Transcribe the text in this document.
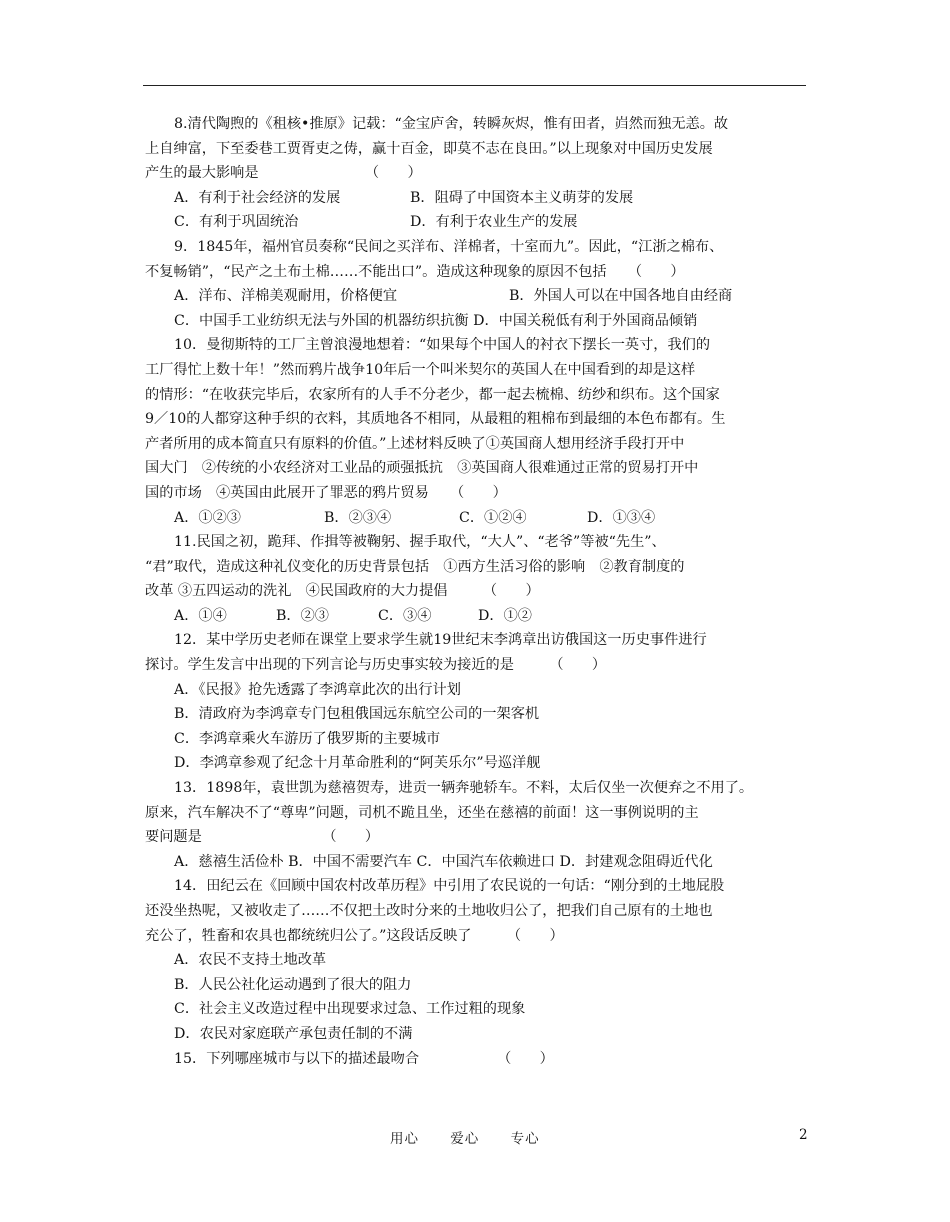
8.清代陶煦的《租核•推原》记载：“金宝庐舍，转瞬灰烬，惟有田者，岿然而独无恙。故

上自绅富，下至委巷工贾胥吏之俦，赢十百金，即莫不志在良田。”以上现象对中国历史发展

产生的最大影响是　　　　　　　　（　　）

A．有利于社会经济的发展	B．阻碍了中国资本主义萌芽的发展

C．有利于巩固统治	D．有利于农业生产的发展

9．1845年，福州官员奏称“民间之买洋布、洋棉者，十室而九”。因此，“江浙之棉布、

不复畅销”，“民产之土布土棉……不能出口”。造成这种现象的原因不包括　　（　　）

A．洋布、洋棉美观耐用，价格便宜	B．外国人可以在中国各地自由经商

C．中国手工业纺织无法与外国的机器纺织抗衡 D．中国关税低有利于外国商品倾销

10．曼彻斯特的工厂主曾浪漫地想着：“如果每个中国人的衬衣下摆长一英寸，我们的

工厂得忙上数十年！”然而鸦片战争10年后一个叫米契尔的英国人在中国看到的却是这样

的情形：“在收获完毕后，农家所有的人手不分老少，都一起去梳棉、纺纱和织布。这个国家

9／10的人都穿这种手织的衣料，其质地各不相同，从最粗的粗棉布到最细的本色布都有。生

产者所用的成本简直只有原料的价值。”上述材料反映了①英国商人想用经济手段打开中

国大门　②传统的小农经济对工业品的顽强抵抗　③英国商人很难通过正常的贸易打开中

国的市场　④英国由此展开了罪恶的鸦片贸易　　（　　）

A．①②③	B．②③④	C．①②④	D．①③④

11.民国之初，跪拜、作揖等被鞠躬、握手取代，“大人”、“老爷”等被“先生”、

“君”取代，造成这种礼仪变化的历史背景包括　①西方生活习俗的影响　②教育制度的

改革 ③五四运动的洗礼　④民国政府的大力提倡　　　（　　）

A．①④	B．②③	C．③④	D．①②

12．某中学历史老师在课堂上要求学生就19世纪末李鸿章出访俄国这一历史事件进行

探讨。学生发言中出现的下列言论与历史事实较为接近的是　　　（　　）

A．《民报》抢先透露了李鸿章此次的出行计划

B．清政府为李鸿章专门包租俄国远东航空公司的一架客机

C．李鸿章乘火车游历了俄罗斯的主要城市

D．李鸿章参观了纪念十月革命胜利的“阿芙乐尔”号巡洋舰

13．1898年，袁世凯为慈禧贺寿，进贡一辆奔驰轿车。不料，太后仅坐一次便弃之不用了。

原来，汽车解决不了“尊卑”问题，司机不跪且坐，还坐在慈禧的前面！这一事例说明的主

要问题是　　　　　　　　　（　　）

A．慈禧生活俭朴 B．中国不需要汽车 C．中国汽车依赖进口 D．封建观念阻碍近代化

14．田纪云在《回顾中国农村改革历程》中引用了农民说的一句话：“刚分到的土地屁股

还没坐热呢，又被收走了……不仅把土改时分来的土地收归公了，把我们自己原有的土地也

充公了，牲畜和农具也都统统归公了。”这段话反映了　　　（　　）

A．农民不支持土地改革

B．人民公社化运动遇到了很大的阻力

C．社会主义改造过程中出现要求过急、工作过粗的现象

D．农民对家庭联产承包责任制的不满

15．下列哪座城市与以下的描述最吻合　　　　　　（　　）

用心 爱心 专心	2
